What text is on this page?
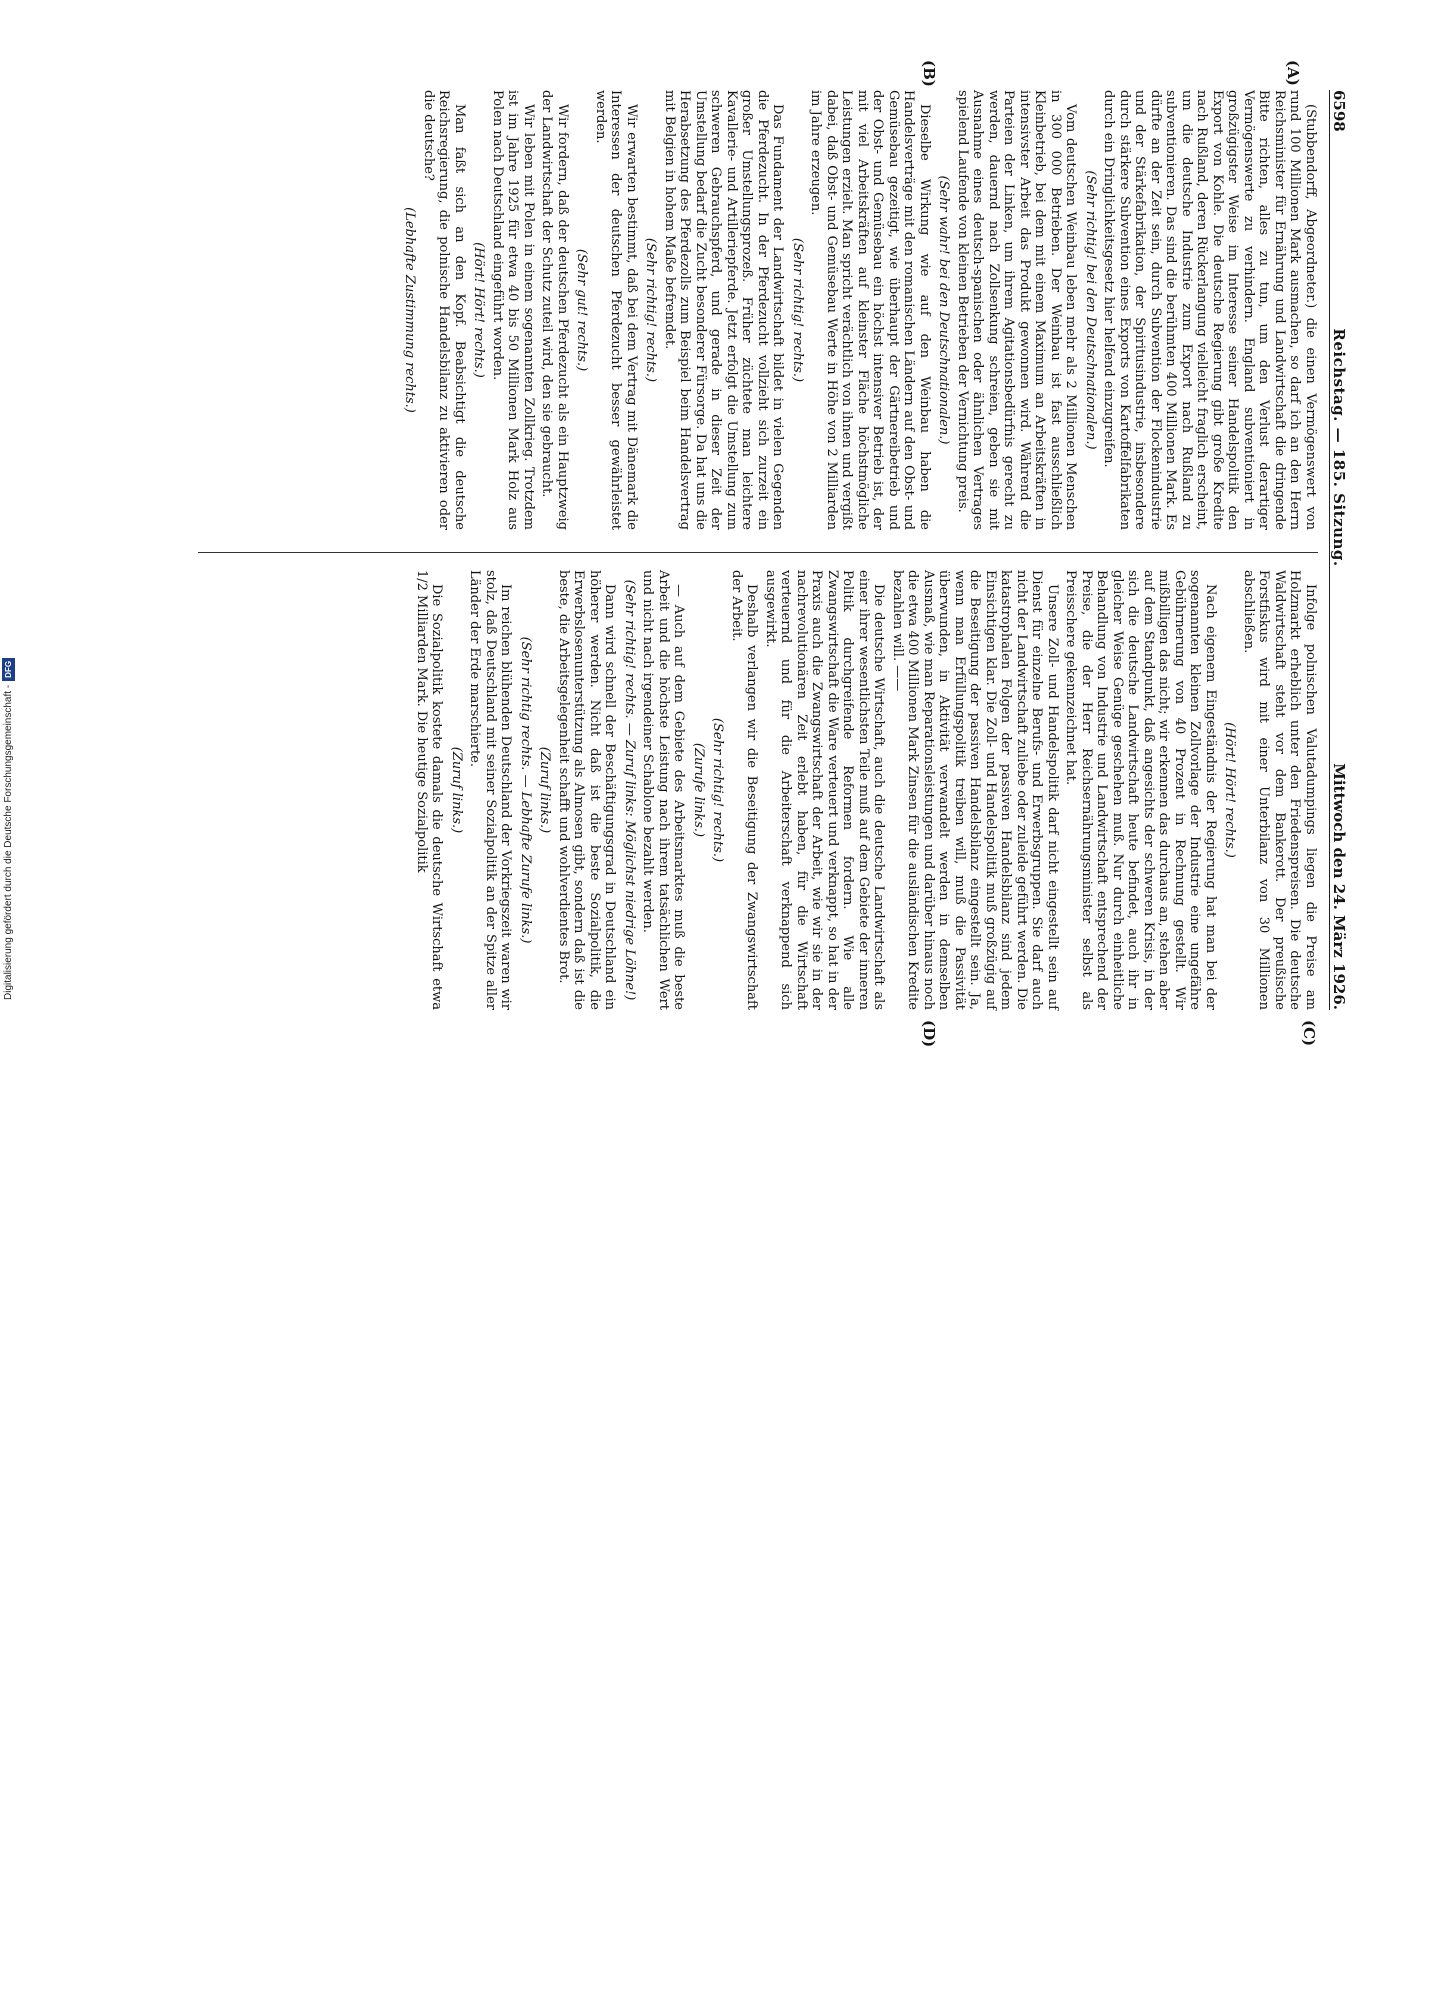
6598
Reichstag. — 185. Sitzung.
Mittwoch den 24. März 1926.
(A)
(B)
(C)
(D)

(Stubbendorff, Abgeordneter.) die einen Vermögenswert von rund 100 Millionen Mark ausmachen, so darf ich an den Herrn Reichsminister für Ernährung und Landwirtschaft die dringende Bitte richten, alles zu tun, um den Verlust derartiger Vermögenswerte zu verhindern. England subventioniert in großzügigster Weise im Interesse seiner Handelspolitik den Export von Kohle. Die deutsche Regierung gibt große Kredite nach Rußland, deren Rückerlangung vielleicht fraglich erscheint, um die deutsche Industrie zum Export nach Rußland zu subventionieren. Das sind die berühmten 400 Millionen Mark. Es dürfte an der Zeit sein, durch Subvention der Flockenindustrie und der Stärkefabrikation, der Spiritusindustrie, insbesondere durch stärkere Subvention eines Exports von Kartoffelfabrikaten durch ein Dringlichkeitsgesetz hier helfend einzugreifen.

(Sehr richtig! bei den Deutschnationalen.)

Vom deutschen Weinbau leben mehr als 2 Millionen Menschen in 300 000 Betrieben. Der Weinbau ist fast ausschließlich Kleinbetrieb, bei dem mit einem Maximum an Arbeitskräften in intensivster Arbeit das Produkt gewonnen wird. Während die Parteien der Linken, um ihrem Agitationsbedürfnis gerecht zu werden, dauernd nach Zollsenkung schreien, geben sie mit Ausnahme eines deutsch-spanischen oder ähnlichen Vertrages spielend Laufende von kleinen Betrieben der Vernichtung preis.

(Sehr wahr! bei den Deutschnationalen.)

Dieselbe Wirkung wie auf den Weinbau haben die Handelsverträge mit den romanischen Ländern auf den Obst- und Gemüsebau gezeitigt, wie überhaupt der Gärtnereibetrieb und der Obst- und Gemüsebau ein höchst intensiver Betrieb ist, der mit viel Arbeitskräften auf kleinster Fläche höchstmögliche Leistungen erzielt. Man spricht verächtlich von ihnen und vergißt dabei, daß Obst- und Gemüsebau Werte in Höhe von 2 Milliarden im Jahre erzeugen.

(Sehr richtig! rechts.)

Das Fundament der Landwirtschaft bildet in vielen Gegenden die Pferdezucht. In der Pferdezucht vollzieht sich zurzeit ein großer Umstellungsprozeß. Früher züchtete man leichtere Kavallerie- und Artilleriepferde. Jetzt erfolgt die Umstellung zum schweren Gebrauchspferd, und gerade in dieser Zeit der Umstellung bedarf die Zucht besonderer Fürsorge. Da hat uns die Herabsetzung des Pferdezolls zum Beispiel beim Handelsvertrag mit Belgien in hohem Maße befremdet.

(Sehr richtig! rechts.)

Wir erwarten bestimmt, daß bei dem Vertrag mit Dänemark die Interessen der deutschen Pferdezucht besser gewährleistet werden.

(Sehr gut! rechts.)

Wir fordern, daß der deutschen Pferdezucht als ein Hauptzweig der Landwirtschaft der Schutz zuteil wird, den sie gebraucht.

Wir leben mit Polen in einem sogenannten Zollkrieg. Trotzdem ist im Jahre 1925 für etwa 40 bis 50 Millionen Mark Holz aus Polen nach Deutschland eingeführt worden.

(Hört! Hört! rechts.)

Man faßt sich an den Kopf. Beabsichtigt die deutsche Reichsregierung, die polnische Handelsbilanz zu aktivieren oder die deutsche?

(Lebhafte Zustimmung rechts.)

Infolge polnischen Valutadumpings liegen die Preise am Holzmarkt erheblich unter den Friedenspreisen. Die deutsche Waldwirtschaft steht vor dem Bankerott. Der preußische Forstfiskus wird mit einer Unterbilanz von 30 Millionen abschließen.

(Hört! Hört! rechts.)

Nach eigenem Eingeständnis der Regierung hat man bei der sogenannten kleinen Zollvorlage der Industrie eine ungefähre Gebührnerung von 40 Prozent in Rechnung gestellt. Wir mißbilligen das nicht; wir erkennen das durchaus an, stehen aber auf dem Standpunkt, daß angesichts der schweren Krisis, in der sich die deutsche Landwirtschaft heute befindet, auch ihr in gleicher Weise Genüge geschehen muß. Nur durch einheitliche Behandlung von Industrie und Landwirtschaft entsprechend der Preise, die der Herr Reichsernährungsminister selbst als Preisschere gekennzeichnet hat.

Unsere Zoll- und Handelspolitik darf nicht eingestellt sein auf Dienst für einzelne Berufs- und Erwerbsgruppen. Sie darf auch nicht der Landwirtschaft zuliebe oder zuleide geführt werden. Die katastrophalen Folgen der passiven Handelsbilanz sind jedem Einsichtigen klar. Die Zoll- und Handelspolitik muß großzügig auf die Beseitigung der passiven Handelsbilanz eingestellt sein. Ja, wenn man Erfüllungspolitik treiben will, muß die Passivität überwunden, in Aktivität verwandelt werden in demselben Ausmaß, wie man Reparationsleistungen und darüber hinaus noch die etwa 400 Millionen Mark Zinsen für die ausländischen Kredite bezahlen will. ——

Die deutsche Wirtschaft, auch die deutsche Landwirtschaft als einer ihrer wesentlichsten Teile muß auf dem Gebiete der inneren Politik durchgreifende Reformen fordern. Wie alle Zwangswirtschaft die Ware verteuert und verknappt, so hat in der Praxis auch die Zwangswirtschaft der Arbeit, wie wir sie in der nachrevolutionären Zeit erlebt haben, für die Wirtschaft verteuernd und für die Arbeiterschaft verknappend sich ausgewirkt.

Deshalb verlangen wir die Beseitigung der Zwangswirtschaft der Arbeit.

(Sehr richtig! rechts.)

(Zurufe links.)

— Auch auf dem Gebiete des Arbeitsmarktes muß die beste Arbeit und die höchste Leistung nach ihrem tatsächlichen Wert und nicht nach irgendeiner Schablone bezahlt werden.

(Sehr richtig! rechts. — Zuruf links: Möglichst niedrige Löhne!)

Dann wird schnell der Beschäftigungsgrad in Deutschland ein höherer werden. Nicht daß ist die beste Sozialpolitik, die Erwerbslosenunterstützung als Almosen gibt, sondern daß ist die beste, die Arbeitsgelegenheit schafft und wohlverdientes Brot.

(Zuruf links.)

(Sehr richtig rechts. — Lebhafte Zurufe links.)

Im reichen blühenden Deutschland der Vorkriegszeit waren wir stolz, daß Deutschland mit seiner Sozialpolitik an der Spitze aller Länder der Erde marschierte.

(Zuruf links.)

Die Sozialpolitik kostete damals die deutsche Wirtschaft etwa 1/2 Milliarden Mark. Die heutige Sozialpolitik

Digitalisierung gefördert durch die Deutsche Forschungsgemeinschaft -
DFG
